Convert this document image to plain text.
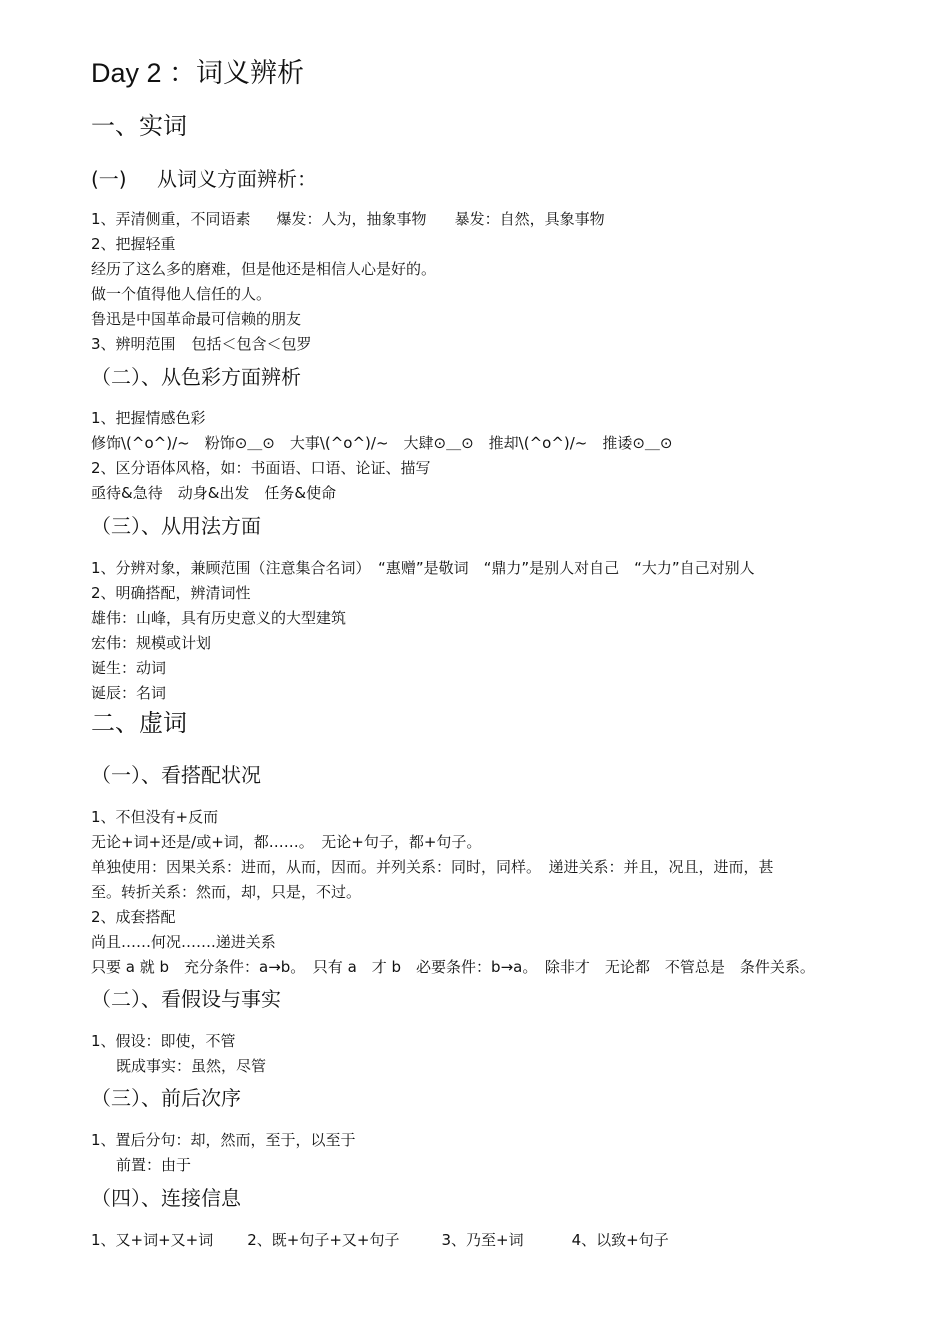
Day 2 ：词义辨析
一、实词
(一) 从词义方面辨析：
1、弄清侧重，不同语素 爆发：人为，抽象事物 暴发：自然，具象事物
2、把握轻重
经历了这么多的磨难，但是他还是相信人心是好的。
做一个值得他人信任的人。
鲁迅是中国革命最可信赖的朋友
3、辨明范围 包括＜包含＜包罗
（二）、从色彩方面辨析
1、把握情感色彩
修饰\(^o^)/~　粉饰⊙＿⊙　大事\(^o^)/~　大肆⊙＿⊙　推却\(^o^)/~　推诿⊙＿⊙
2、区分语体风格，如：书面语、口语、论证、描写
亟待&急待　动身&出发　任务&使命
（三）、从用法方面
1、分辨对象，兼顾范围（注意集合名词）　“惠赠”是敬词　“鼎力”是别人对自己　“大力”自己对别人
2、明确搭配，辨清词性
雄伟：山峰，具有历史意义的大型建筑
宏伟：规模或计划
诞生：动词
诞辰：名词
二、虚词
（一）、看搭配状况
1、不但没有+反而
无论+词+还是/或+词，都……。　无论+句子，都+句子。
单独使用：因果关系：进而，从而，因而。并列关系：同时，同样。　递进关系：并且，况且，进而，甚
至。转折关系：然而，却，只是，不过。
2、成套搭配
尚且……何况…….递进关系
只要 a 就 b　充分条件：a→b。　只有 a　才 b　必要条件：b→a。　除非才　无论都　不管总是　条件关系。
（二）、看假设与事实
1、假设：即使，不管
既成事实：虽然，尽管
（三）、前后次序
1、置后分句：却，然而，至于，以至于
前置：由于
（四）、连接信息
1、又+词+又+词 2、既+句子+又+句子	3、乃至+词	4、以致+句子
